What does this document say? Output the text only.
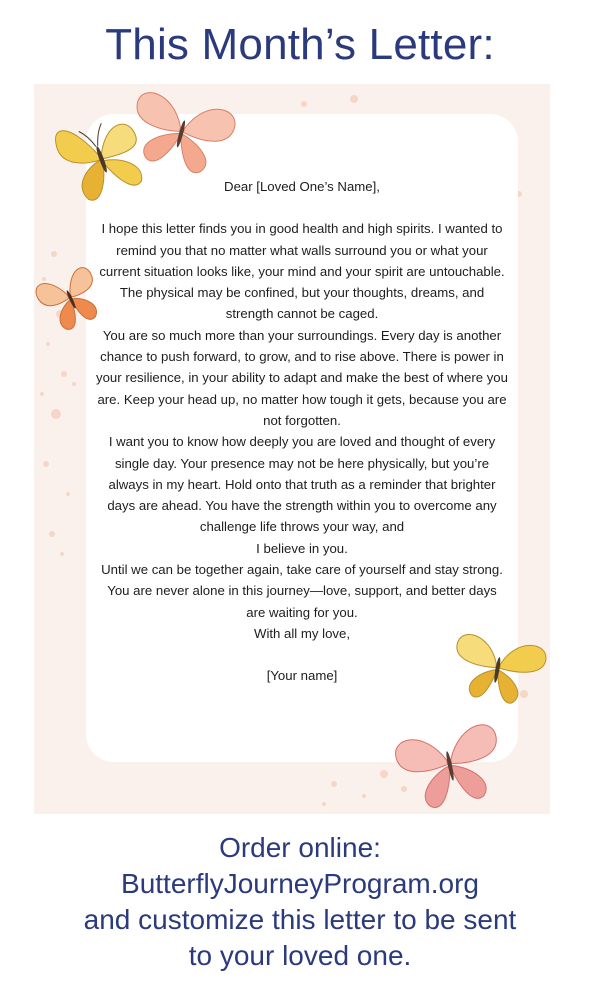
This Month’s Letter:

Dear [Loved One’s Name],

I hope this letter finds you in good health and high spirits. I wanted to remind you that no matter what walls surround you or what your current situation looks like, your mind and your spirit are untouchable. The physical may be confined, but your thoughts, dreams, and strength cannot be caged.

You are so much more than your surroundings. Every day is another chance to push forward, to grow, and to rise above. There is power in your resilience, in your ability to adapt and make the best of where you are. Keep your head up, no matter how tough it gets, because you are not forgotten.

I want you to know how deeply you are loved and thought of every single day. Your presence may not be here physically, but you’re always in my heart. Hold onto that truth as a reminder that brighter days are ahead. You have the strength within you to overcome any challenge life throws your way, and

I believe in you.

Until we can be together again, take care of yourself and stay strong. You are never alone in this journey—love, support, and better days are waiting for you.

With all my love,

[Your name]

Order online:
ButterflyJourneyProgram.org
and customize this letter to be sent
to your loved one.
